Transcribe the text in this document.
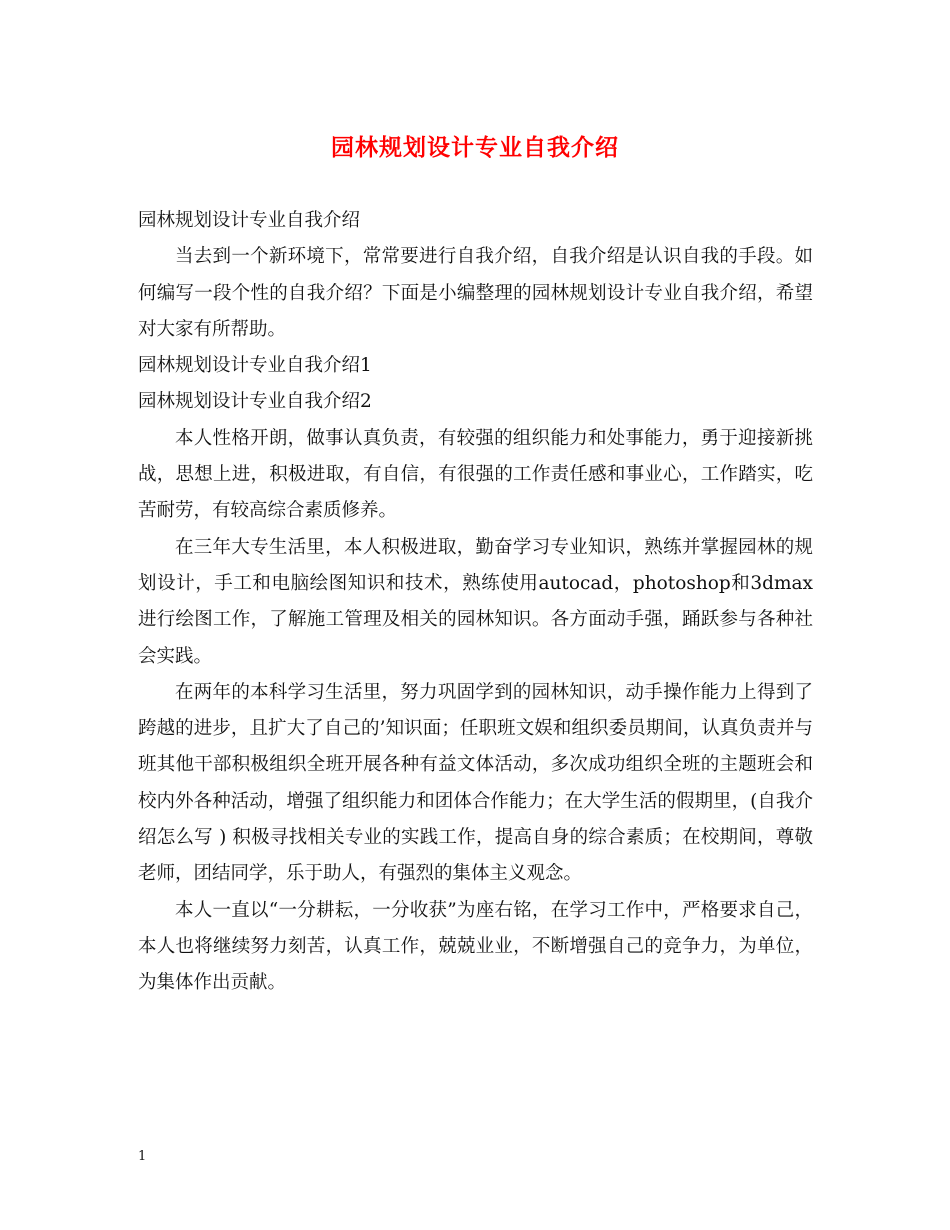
园林规划设计专业自我介绍

园林规划设计专业自我介绍

当去到一个新环境下，常常要进行自我介绍，自我介绍是认识自我的手段。如何编写一段个性的自我介绍？下面是小编整理的园林规划设计专业自我介绍，希望对大家有所帮助。

园林规划设计专业自我介绍1

园林规划设计专业自我介绍2

本人性格开朗，做事认真负责，有较强的组织能力和处事能力，勇于迎接新挑战，思想上进，积极进取，有自信，有很强的工作责任感和事业心，工作踏实，吃苦耐劳，有较高综合素质修养。

在三年大专生活里，本人积极进取，勤奋学习专业知识，熟练并掌握园林的规划设计，手工和电脑绘图知识和技术，熟练使用autocad，photoshop和3dmax进行绘图工作，了解施工管理及相关的园林知识。各方面动手强，踊跃参与各种社会实践。

在两年的本科学习生活里，努力巩固学到的园林知识，动手操作能力上得到了跨越的进步，且扩大了自己的’知识面；任职班文娱和组织委员期间，认真负责并与班其他干部积极组织全班开展各种有益文体活动，多次成功组织全班的主题班会和校内外各种活动，增强了组织能力和团体合作能力；在大学生活的假期里，(自我介绍怎么写 ) 积极寻找相关专业的实践工作，提高自身的综合素质；在校期间，尊敬老师，团结同学，乐于助人，有强烈的集体主义观念。

本人一直以“一分耕耘，一分收获”为座右铭，在学习工作中，严格要求自己，本人也将继续努力刻苦，认真工作，兢兢业业，不断增强自己的竞争力，为单位，为集体作出贡献。

1
